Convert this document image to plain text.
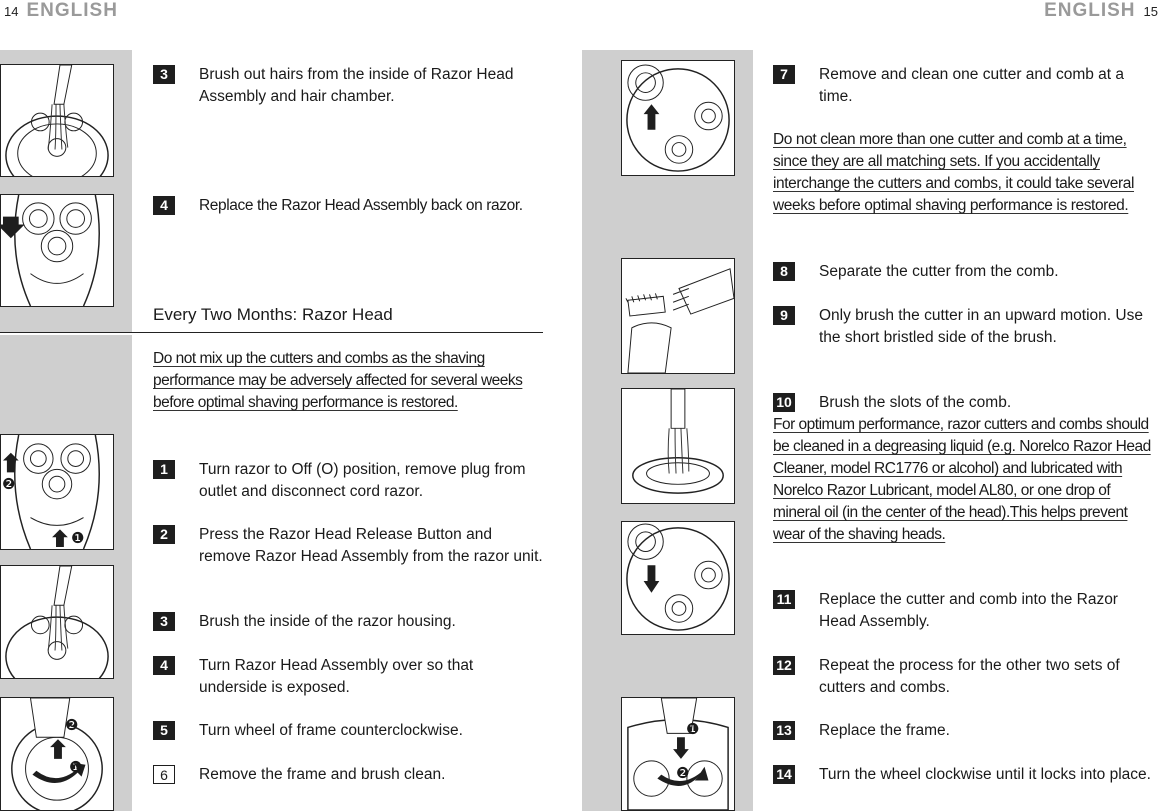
14 ENGLISH	ENGLISH 15
❷
❶
❷
❶
3	Brush out hairs from the inside of Razor Head Assembly and hair chamber.
4	Replace the Razor Head Assembly back on razor.
Every Two Months: Razor Head
Do not mix up the cutters and combs as the shaving performance may be adversely affected for several weeks before optimal shaving performance is restored.
1	Turn razor to Off (O) position, remove plug from outlet and disconnect cord razor.
2	Press the Razor Head Release Button and remove Razor Head Assembly from the razor unit.
3	Brush the inside of the razor housing.
4	Turn Razor Head Assembly over so that underside is exposed.
5	Turn wheel of frame counterclockwise.
6	Remove the frame and brush clean.
❶
❷
7	Remove and clean one cutter and comb at a time.
Do not clean more than one cutter and comb at a time, since they are all matching sets. If you accidentally interchange the cutters and combs, it could take several weeks before optimal shaving performance is restored.
8	Separate the cutter from the comb.
9	Only brush the cutter in an upward motion. Use the short bristled side of the brush.
10 Brush the slots of the comb.
For optimum performance, razor cutters and combs should be cleaned in a degreasing liquid (e.g. Norelco Razor Head Cleaner, model RC1776 or alcohol) and lubricated with Norelco Razor Lubricant, model AL80, or one drop of mineral oil (in the center of the head).This helps prevent wear of the shaving heads.
11 Replace the cutter and comb into the Razor Head Assembly.
12 Repeat the process for the other two sets of cutters and combs.
13 Replace the frame.
14 Turn the wheel clockwise until it locks into place.
